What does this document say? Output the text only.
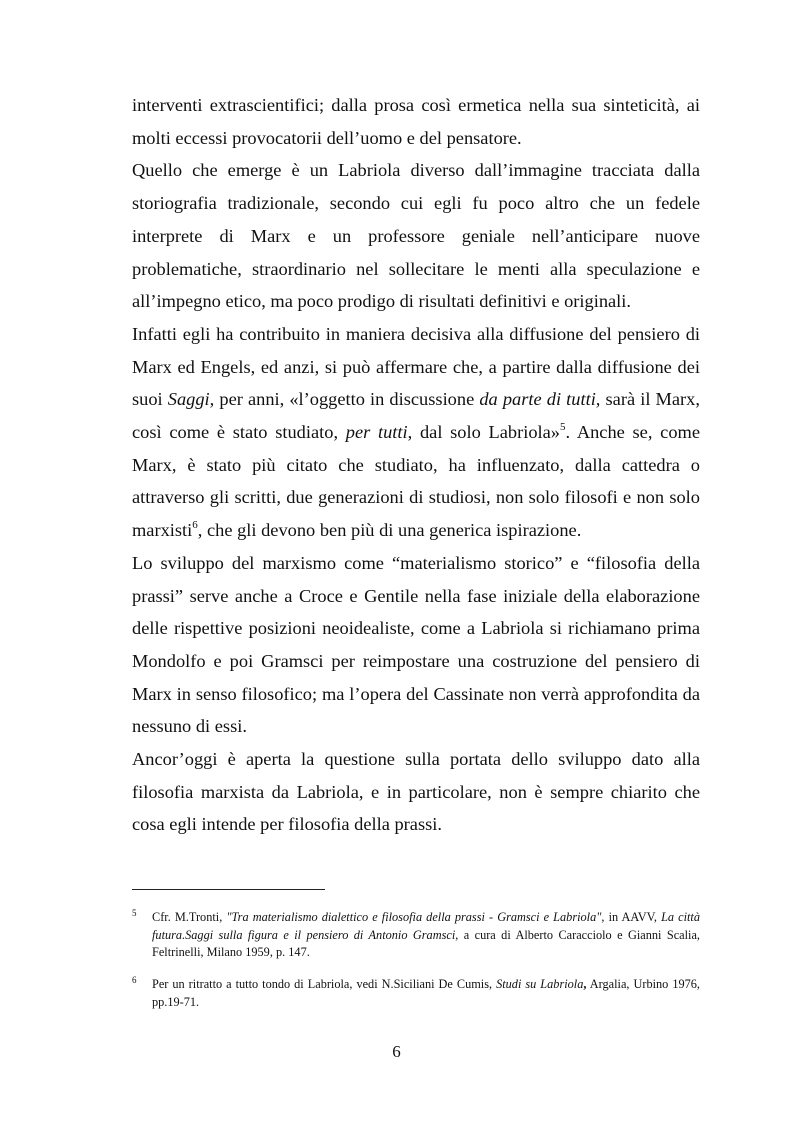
interventi extrascientifici; dalla prosa così ermetica nella sua sinteticità, ai molti eccessi provocatorii dell’uomo e del pensatore.

Quello che emerge è un Labriola diverso dall’immagine tracciata dalla storiografia tradizionale, secondo cui egli fu poco altro che un fedele interprete di Marx e un professore geniale nell’anticipare nuove problematiche, straordinario nel sollecitare le menti alla speculazione e all’impegno etico, ma poco prodigo di risultati definitivi e originali.

Infatti egli ha contribuito in maniera decisiva alla diffusione del pensiero di Marx ed Engels, ed anzi, si può affermare che, a partire dalla diffusione dei suoi Saggi, per anni, «l’oggetto in discussione da parte di tutti, sarà il Marx, così come è stato studiato, per tutti, dal solo Labriola»$^5$. Anche se, come Marx, è stato più citato che studiato, ha influenzato, dalla cattedra o attraverso gli scritti, due generazioni di studiosi, non solo filosofi e non solo marxisti$^6$, che gli devono ben più di una generica ispirazione.

Lo sviluppo del marxismo come “materialismo storico” e “filosofia della prassi” serve anche a Croce e Gentile nella fase iniziale della elaborazione delle rispettive posizioni neoidealiste, come a Labriola si richiamano prima Mondolfo e poi Gramsci per reimpostare una costruzione del pensiero di Marx in senso filosofico; ma l’opera del Cassinate non verrà approfondita da nessuno di essi.

Ancor’oggi è aperta la questione sulla portata dello sviluppo dato alla filosofia marxista da Labriola, e in particolare, non è sempre chiarito che cosa egli intende per filosofia della prassi.

5 Cfr. M.Tronti, "Tra materialismo dialettico e filosofia della prassi - Gramsci e Labriola", in AAVV, La città futura.Saggi sulla figura e il pensiero di Antonio Gramsci, a cura di Alberto Caracciolo e Gianni Scalia, Feltrinelli, Milano 1959, p. 147.
6 Per un ritratto a tutto tondo di Labriola, vedi N.Siciliani De Cumis, Studi su Labriola, Argalia, Urbino 1976, pp.19-71.
6
